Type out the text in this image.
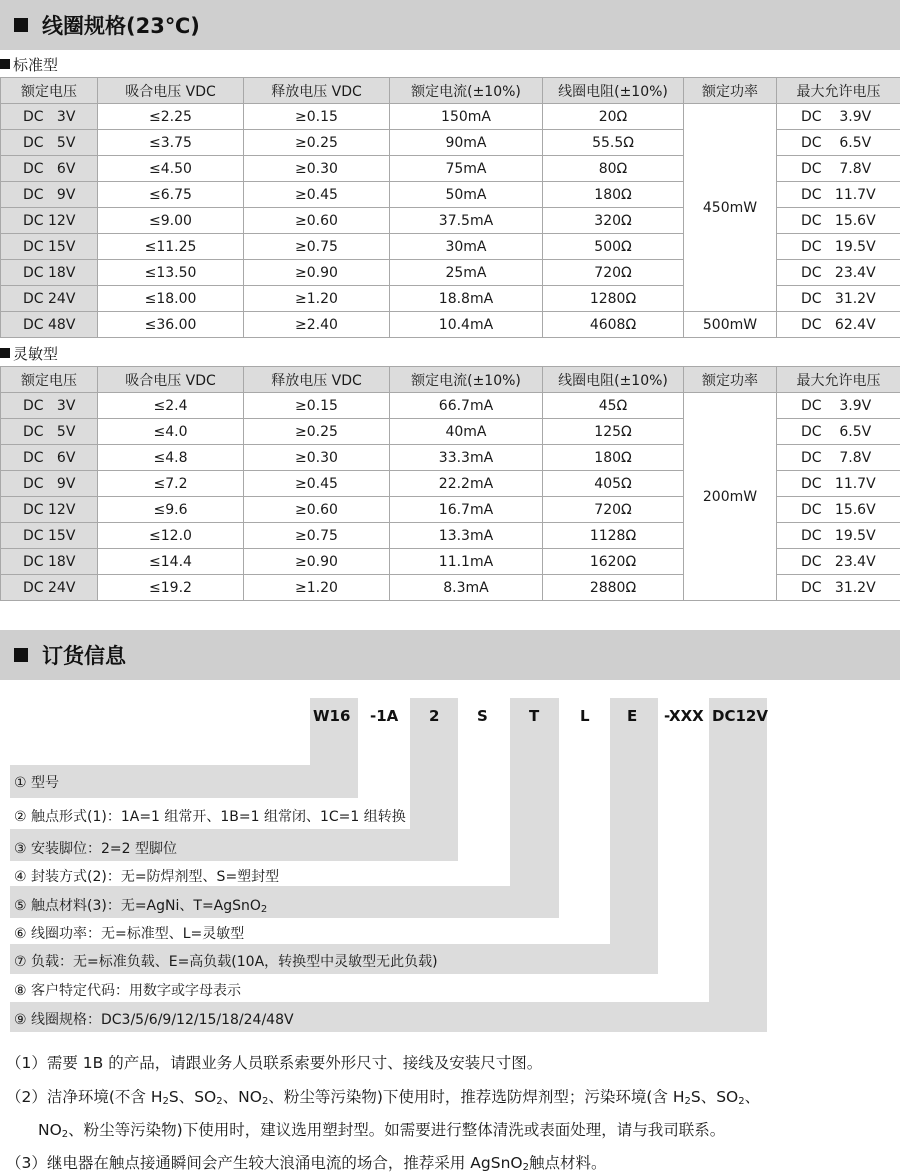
线圈规格(23℃)
标准型
额定电压	吸合电压 VDC	释放电压 VDC	额定电流(±10%)	线圈电阻(±10%)	额定功率	最大允许电压
DC   3V	≤2.25	≥0.15	150mA	20Ω	450mW	DC    3.9V
DC   5V	≤3.75	≥0.25	90mA	55.5Ω		DC    6.5V
DC   6V	≤4.50	≥0.30	75mA	80Ω		DC    7.8V
DC   9V	≤6.75	≥0.45	50mA	180Ω		DC   11.7V
DC 12V	≤9.00	≥0.60	37.5mA	320Ω		DC   15.6V
DC 15V	≤11.25	≥0.75	30mA	500Ω		DC   19.5V
DC 18V	≤13.50	≥0.90	25mA	720Ω		DC   23.4V
DC 24V	≤18.00	≥1.20	18.8mA	1280Ω		DC   31.2V
DC 48V	≤36.00	≥2.40	10.4mA	4608Ω	500mW	DC   62.4V
灵敏型
额定电压	吸合电压 VDC	释放电压 VDC	额定电流(±10%)	线圈电阻(±10%)	额定功率	最大允许电压
DC   3V	≤2.4	≥0.15	66.7mA	45Ω	200mW	DC    3.9V
DC   5V	≤4.0	≥0.25	40mA	125Ω		DC    6.5V
DC   6V	≤4.8	≥0.30	33.3mA	180Ω		DC    7.8V
DC   9V	≤7.2	≥0.45	22.2mA	405Ω		DC   11.7V
DC 12V	≤9.6	≥0.60	16.7mA	720Ω		DC   15.6V
DC 15V	≤12.0	≥0.75	13.3mA	1128Ω		DC   19.5V
DC 18V	≤14.4	≥0.90	11.1mA	1620Ω		DC   23.4V
DC 24V	≤19.2	≥1.20	8.3mA	2880Ω		DC   31.2V
订货信息
W16 -1A 2	S	T	L E -XXX DC12V
① 型号
② 触点形式(1)：1A=1 组常开、1B=1 组常闭、1C=1 组转换
③ 安装脚位：2=2 型脚位
④ 封装方式(2)：无=防焊剂型、S=塑封型
⑤ 触点材料(3)：无=AgNi、T=AgSnO$_2$
⑥ 线圈功率：无=标准型、L=灵敏型
⑦ 负载：无=标准负载、E=高负载(10A，转换型中灵敏型无此负载)
⑧ 客户特定代码：用数字或字母表示
⑨ 线圈规格：DC3/5/6/9/12/15/18/24/48V
（1）需要 1B 的产品，请跟业务人员联系索要外形尺寸、接线及安装尺寸图。
（2）洁净环境(不含 $H_2S$、$SO_2$、$NO_2$、粉尘等污染物)下使用时，推荐选防焊剂型；污染环境(含 $H_2S$、$SO_2$、
$NO_2$、粉尘等污染物)下使用时，建议选用塑封型。如需要进行整体清洗或表面处理，请与我司联系。
（3）继电器在触点接通瞬间会产生较大浪涌电流的场合，推荐采用 AgSnO$_2$触点材料。
